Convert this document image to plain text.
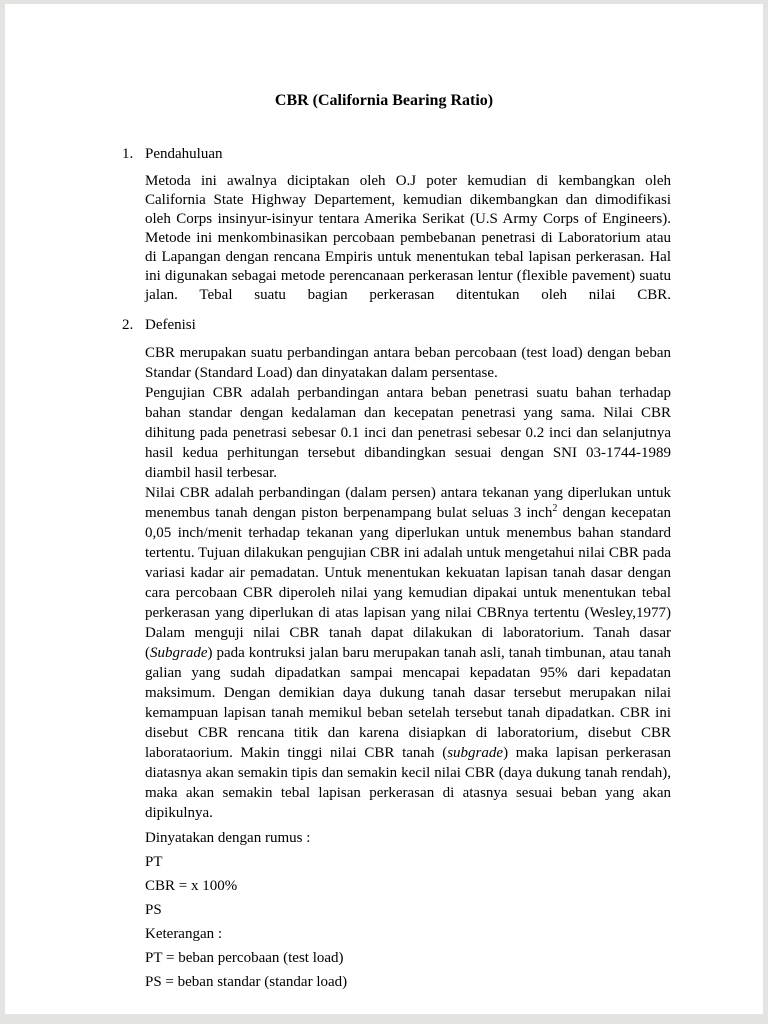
CBR (California Bearing Ratio)
1. Pendahuluan

Metoda ini awalnya diciptakan oleh O.J poter kemudian di kembangkan oleh California State Highway Departement, kemudian dikembangkan dan dimodifikasi oleh Corps insinyur-isinyur tentara Amerika Serikat (U.S Army Corps of Engineers). Metode ini menkombinasikan percobaan pembebanan penetrasi di Laboratorium atau di Lapangan dengan rencana Empiris untuk menentukan tebal lapisan perkerasan. Hal ini digunakan sebagai metode perencanaan perkerasan lentur (flexible pavement) suatu jalan. Tebal suatu bagian perkerasan ditentukan oleh nilai CBR.

2. Defenisi

CBR merupakan suatu perbandingan antara beban percobaan (test load) dengan beban Standar (Standard Load) dan dinyatakan dalam persentase.

Pengujian CBR adalah perbandingan antara beban penetrasi suatu bahan terhadap bahan standar dengan kedalaman dan kecepatan penetrasi yang sama. Nilai CBR dihitung pada penetrasi sebesar 0.1 inci dan penetrasi sebesar 0.2 inci dan selanjutnya hasil kedua perhitungan tersebut dibandingkan sesuai dengan SNI 03-1744-1989 diambil hasil terbesar.

Nilai CBR adalah perbandingan (dalam persen) antara tekanan yang diperlukan untuk menembus tanah dengan piston berpenampang bulat seluas 3 inch$^2$ dengan kecepatan 0,05 inch/menit terhadap tekanan yang diperlukan untuk menembus bahan standard tertentu. Tujuan dilakukan pengujian CBR ini adalah untuk mengetahui nilai CBR pada variasi kadar air pemadatan. Untuk menentukan kekuatan lapisan tanah dasar dengan cara percobaan CBR diperoleh nilai yang kemudian dipakai untuk menentukan tebal perkerasan yang diperlukan di atas lapisan yang nilai CBRnya tertentu (Wesley,1977) Dalam menguji nilai CBR tanah dapat dilakukan di laboratorium. Tanah dasar (Subgrade) pada kontruksi jalan baru merupakan tanah asli, tanah timbunan, atau tanah galian yang sudah dipadatkan sampai mencapai kepadatan 95% dari kepadatan maksimum. Dengan demikian daya dukung tanah dasar tersebut merupakan nilai kemampuan lapisan tanah memikul beban setelah tersebut tanah dipadatkan. CBR ini disebut CBR rencana titik dan karena disiapkan di laboratorium, disebut CBR laborataorium. Makin tinggi nilai CBR tanah (subgrade) maka lapisan perkerasan diatasnya akan semakin tipis dan semakin kecil nilai CBR (daya dukung tanah rendah), maka akan semakin tebal lapisan perkerasan di atasnya sesuai beban yang akan dipikulnya.

Dinyatakan dengan rumus :
PT
CBR = x 100%
PS
Keterangan :
PT = beban percobaan (test load)
PS = beban standar (standar load)
